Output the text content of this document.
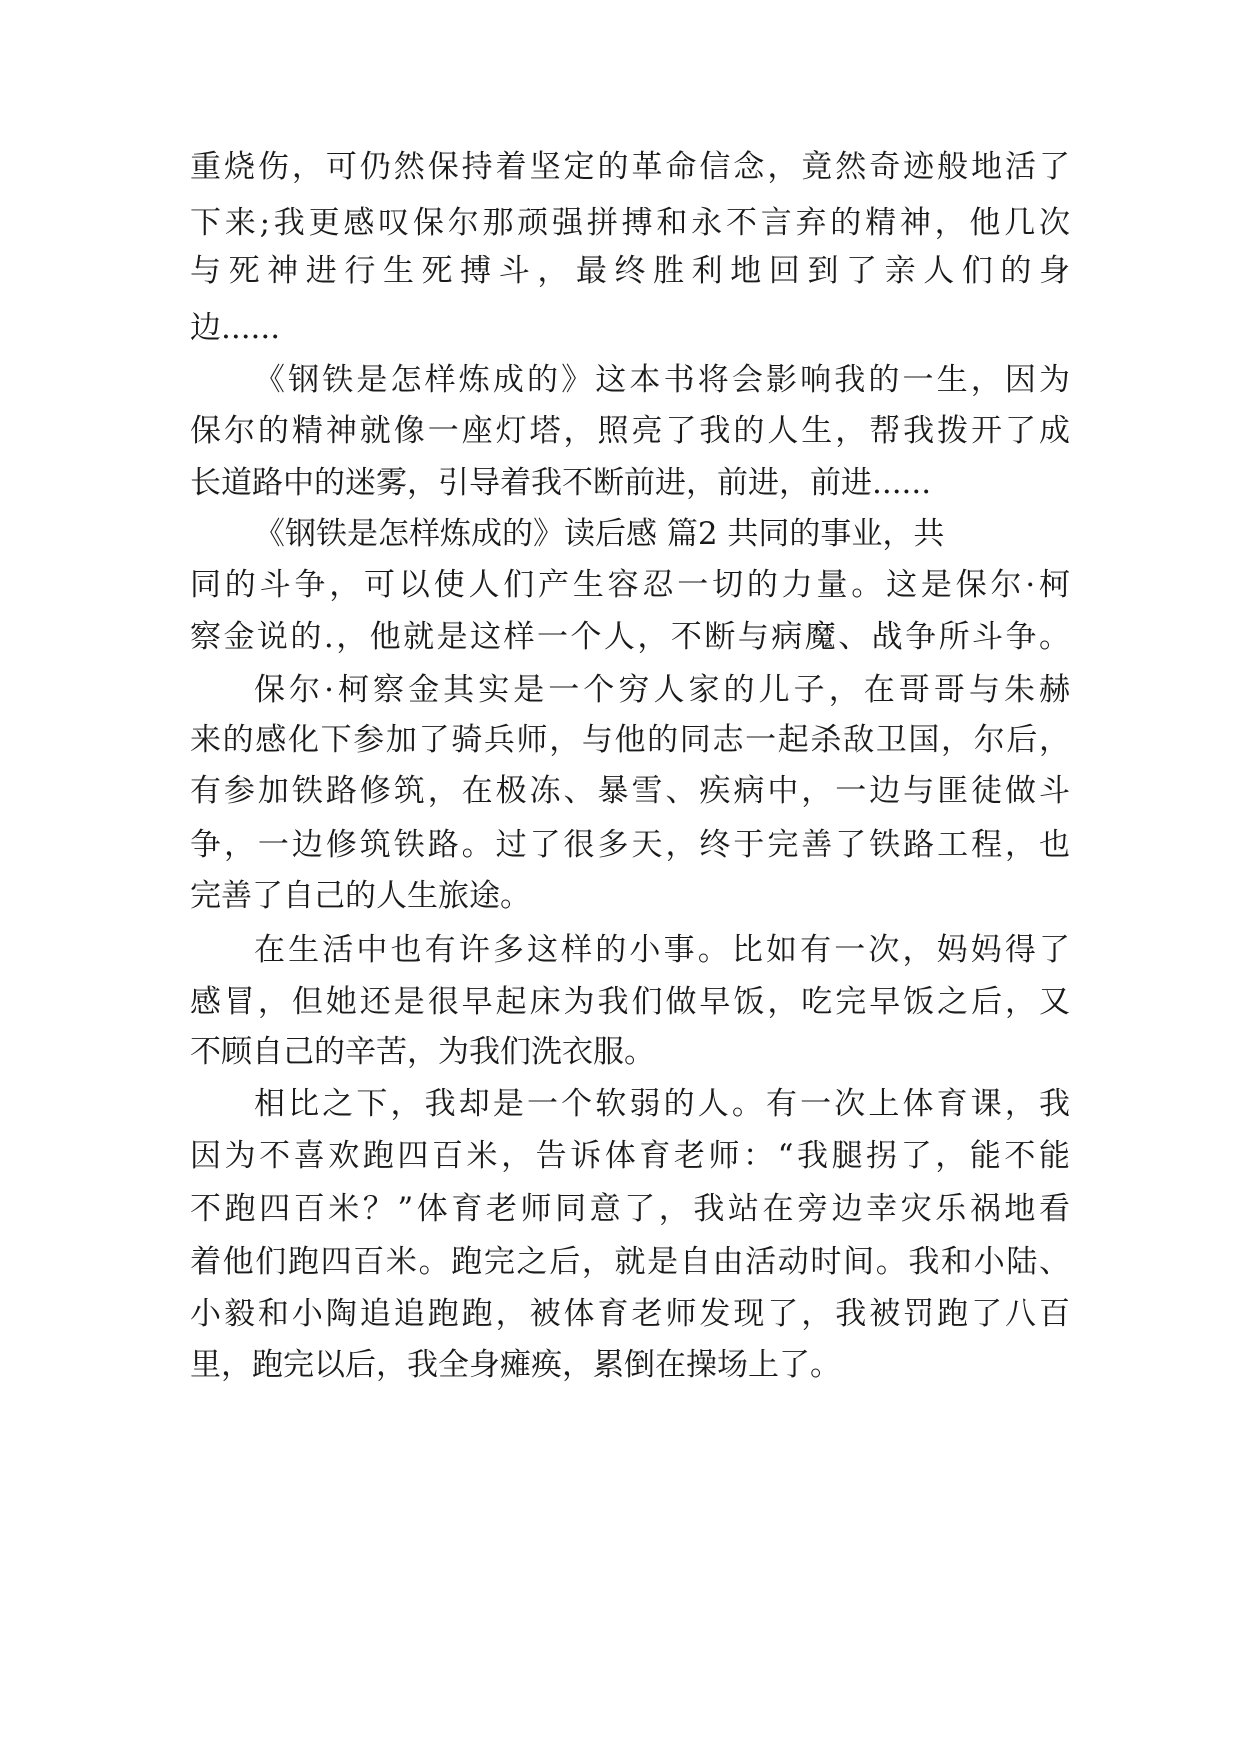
重烧伤，可仍然保持着坚定的革命信念，竟然奇迹般地活了
下来;我更感叹保尔那顽强拼搏和永不言弃的精神，他几次
与死神进行生死搏斗，最终胜利地回到了亲人们的身
边......
《钢铁是怎样炼成的》这本书将会影响我的一生，因为
保尔的精神就像一座灯塔，照亮了我的人生，帮我拨开了成
长道路中的迷雾，引导着我不断前进，前进，前进......
《钢铁是怎样炼成的》读后感 篇2 共同的事业，共
同的斗争，可以使人们产生容忍一切的力量。这是保尔·柯
察金说的.，他就是这样一个人，不断与病魔、战争所斗争。
保尔·柯察金其实是一个穷人家的儿子，在哥哥与朱赫
来的感化下参加了骑兵师，与他的同志一起杀敌卫国，尔后，
有参加铁路修筑，在极冻、暴雪、疾病中，一边与匪徒做斗
争，一边修筑铁路。过了很多天，终于完善了铁路工程，也
完善了自己的人生旅途。
在生活中也有许多这样的小事。比如有一次，妈妈得了
感冒，但她还是很早起床为我们做早饭，吃完早饭之后，又
不顾自己的辛苦，为我们洗衣服。
相比之下，我却是一个软弱的人。有一次上体育课，我
因为不喜欢跑四百米，告诉体育老师：“我腿拐了，能不能
不跑四百米？”体育老师同意了，我站在旁边幸灾乐祸地看
着他们跑四百米。跑完之后，就是自由活动时间。我和小陆、
小毅和小陶追追跑跑，被体育老师发现了，我被罚跑了八百
里，跑完以后，我全身瘫痪，累倒在操场上了。
